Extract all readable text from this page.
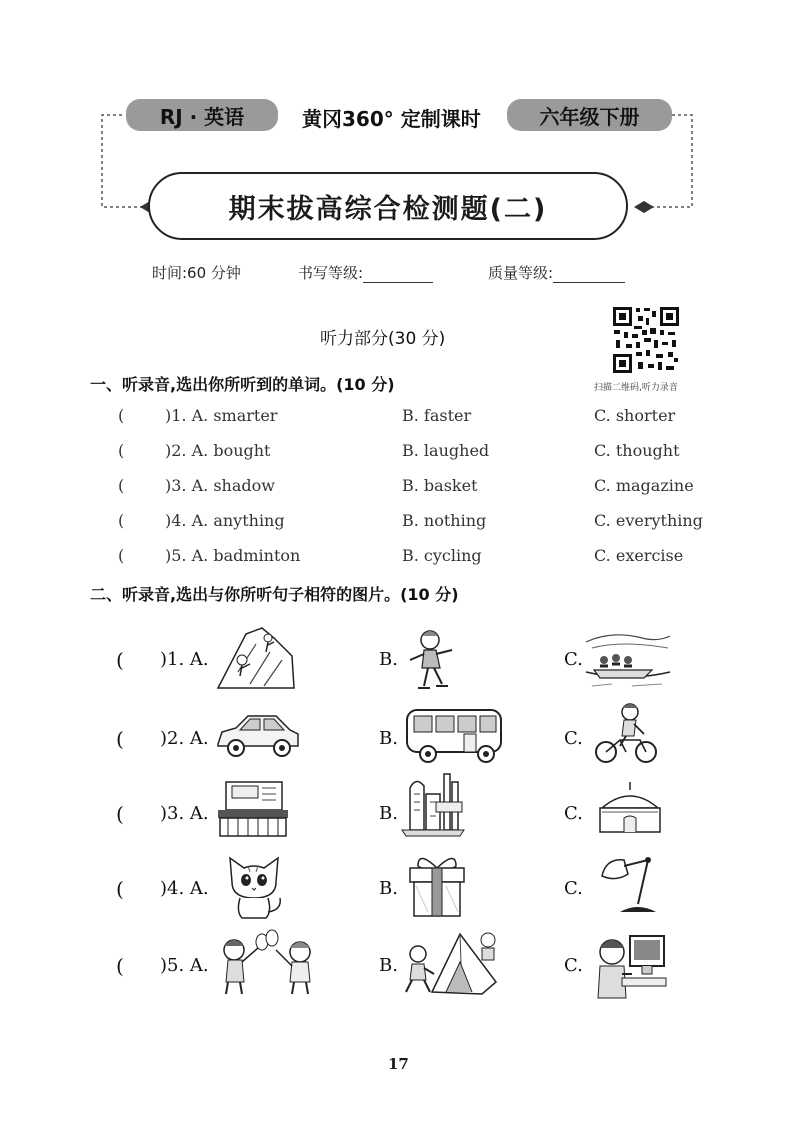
RJ · 英语	黄冈360° 定制课时	六年级下册
期末拔高综合检测题(二)
时间:60 分钟	书写等级:	质量等级:
听力部分(30 分)
扫描二维码,听力录音
一、听录音,选出你所听到的单词。(10 分)
(	)1. A. smarter	B. faster	C. shorter
(	)2. A. bought	B. laughed	C. thought
(	)3. A. shadow	B. basket	C. magazine
(	)4. A. anything	B. nothing	C. everything
(	)5. A. badminton	B. cycling	C. exercise
二、听录音,选出与你所听句子相符的图片。(10 分)
( )1. A.	B.	C.
( )2. A.	B.	C.
( )3. A.	B.	C.
( )4. A.	B.	C.
( )5. A.	B.	C.
17
